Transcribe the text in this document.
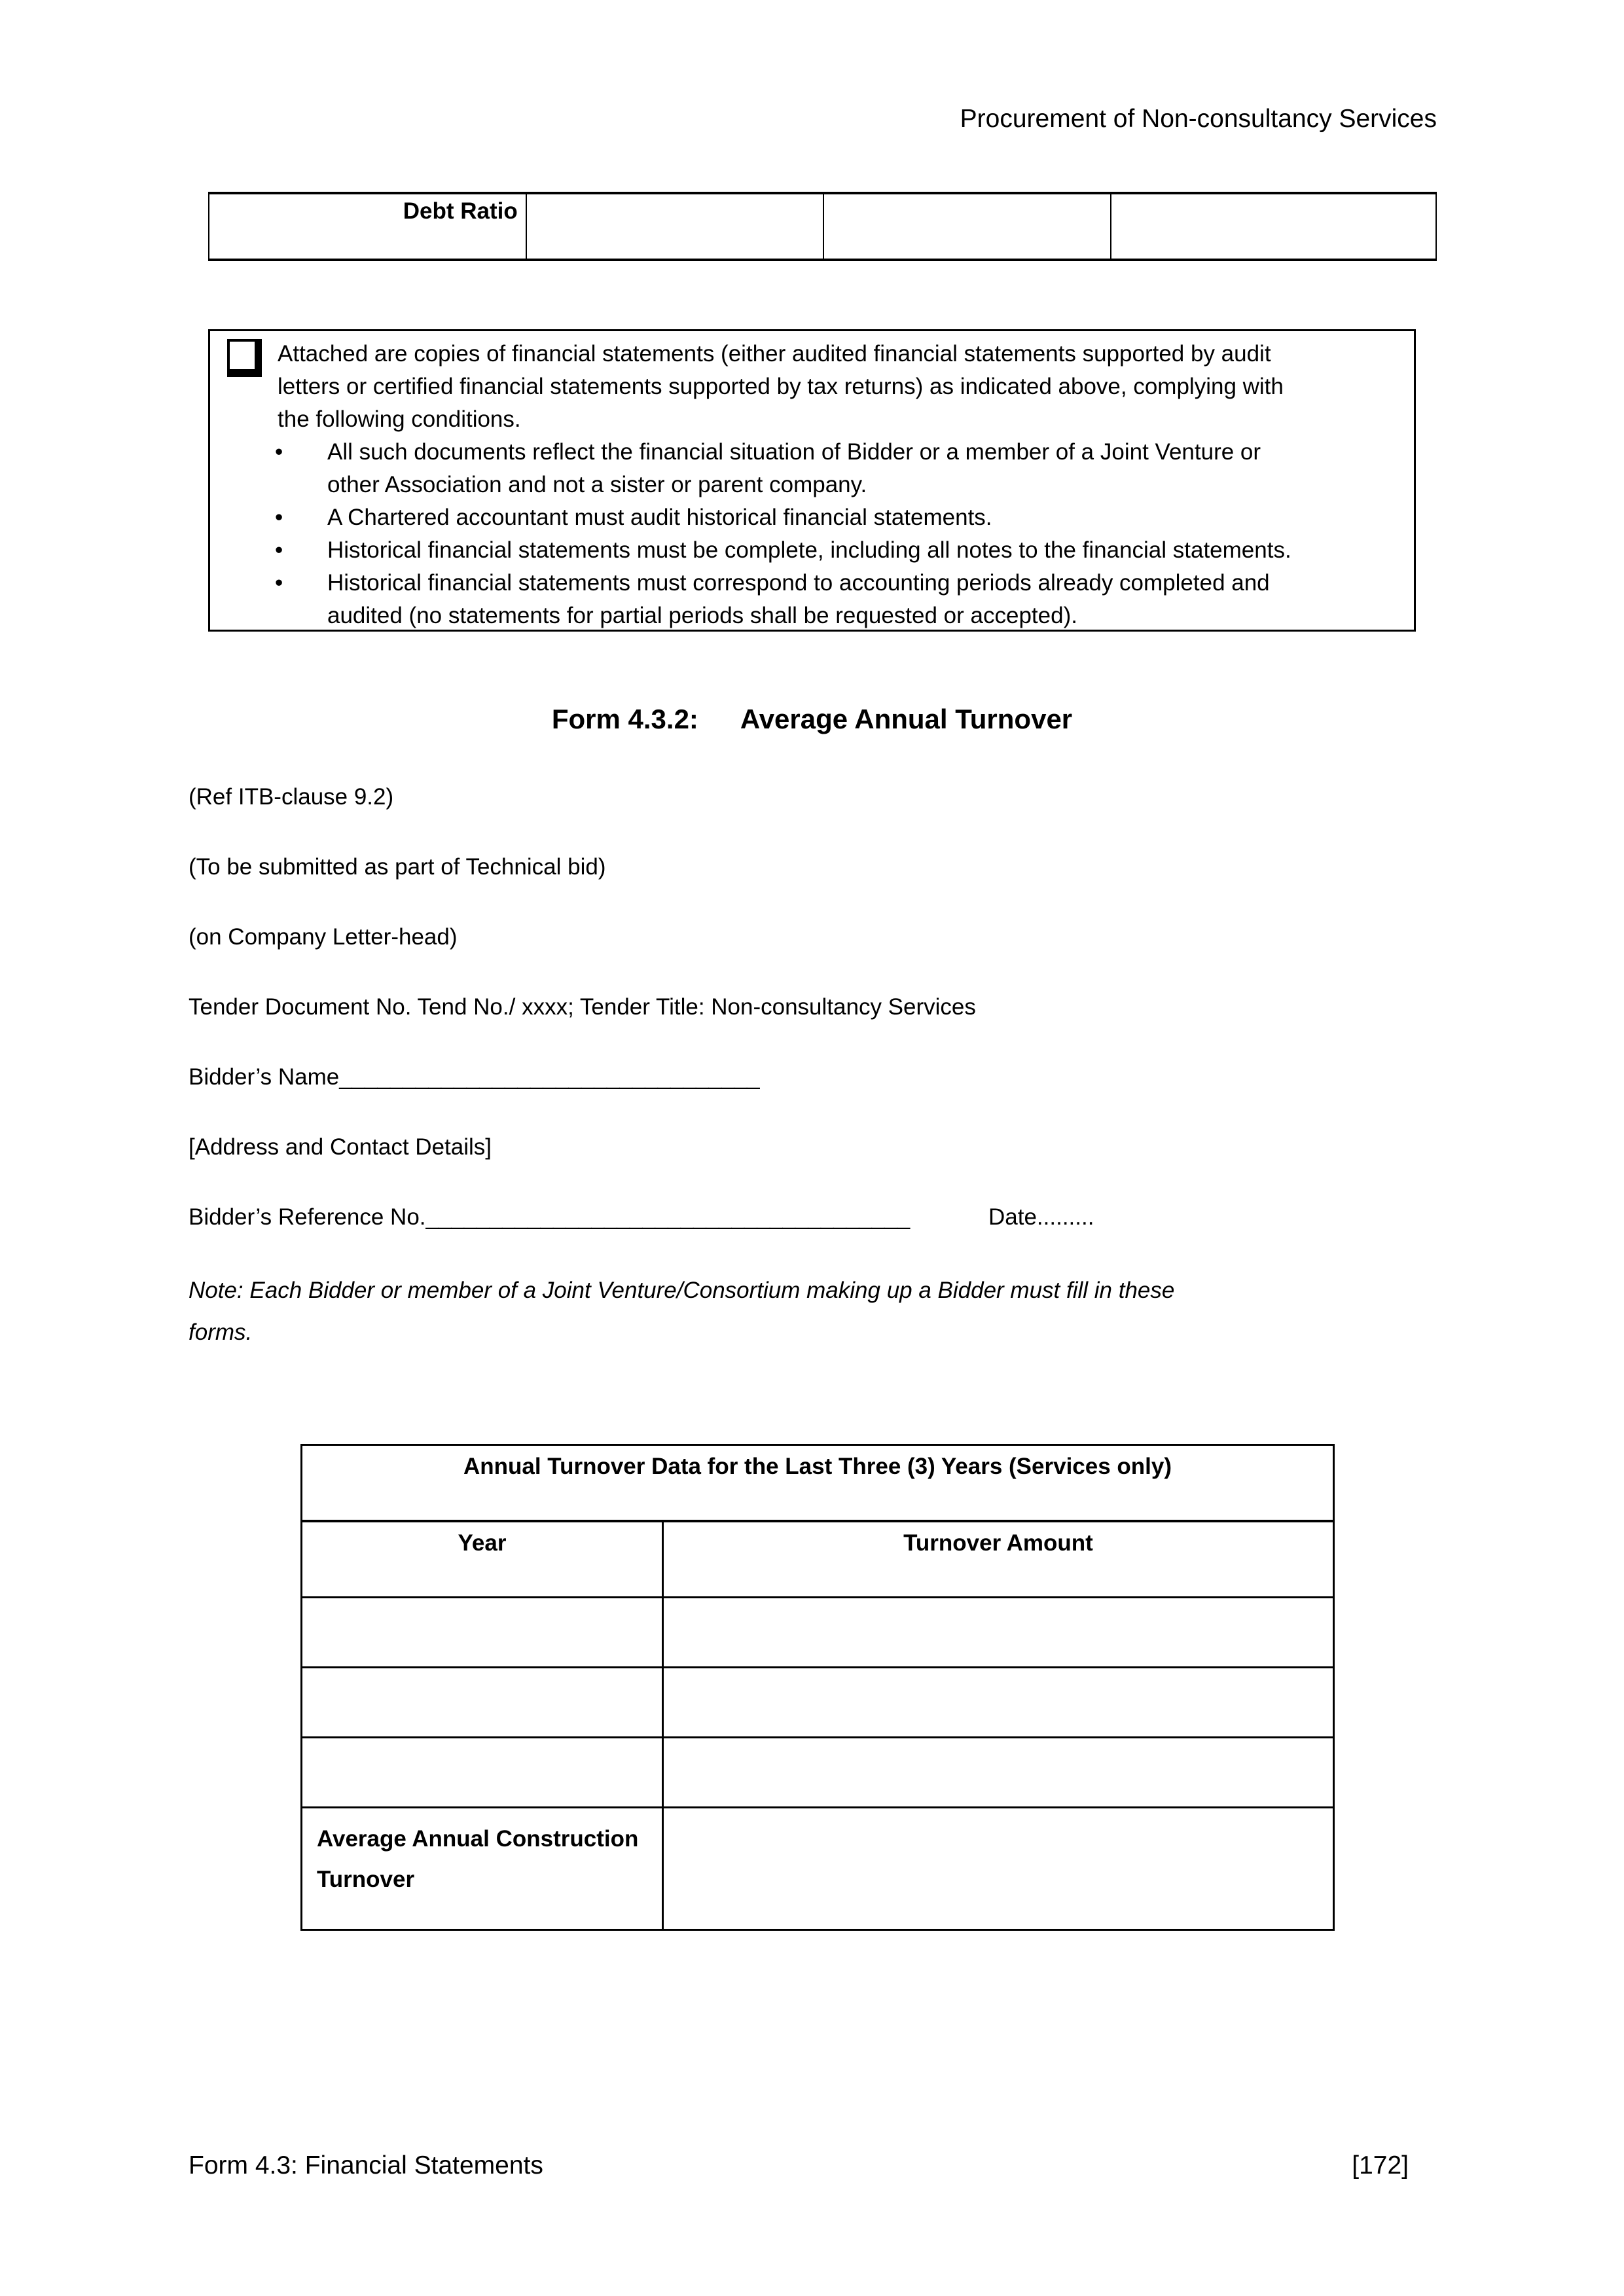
Procurement of Non-consultancy Services
Debt Ratio			
Attached are copies of financial statements (either audited financial statements supported by audit
letters or certified financial statements supported by tax returns) as indicated above, complying with
the following conditions.
• All such documents reflect the financial situation of Bidder or a member of a Joint Venture or
other Association and not a sister or parent company.
• A Chartered accountant must audit historical financial statements.
• Historical financial statements must be complete, including all notes to the financial statements.
• Historical financial statements must correspond to accounting periods already completed and
audited (no statements for partial periods shall be requested or accepted).
Form 4.3.2: Average Annual Turnover
(Ref ITB-clause 9.2)
(To be submitted as part of Technical bid)
(on Company Letter-head)
Tender Document No. Tend No./ xxxx; Tender Title: Non-consultancy Services
Bidder’s Name_________________________________
[Address and Contact Details]
Bidder’s Reference No.______________________________________	Date.........
Note: Each Bidder or member of a Joint Venture/Consortium making up a Bidder must fill in these
forms.
Annual Turnover Data for the Last Three (3) Years (Services only)	
Year	Turnover Amount

Average Annual Construction Turnover	
Form 4.3: Financial Statements	[172]
